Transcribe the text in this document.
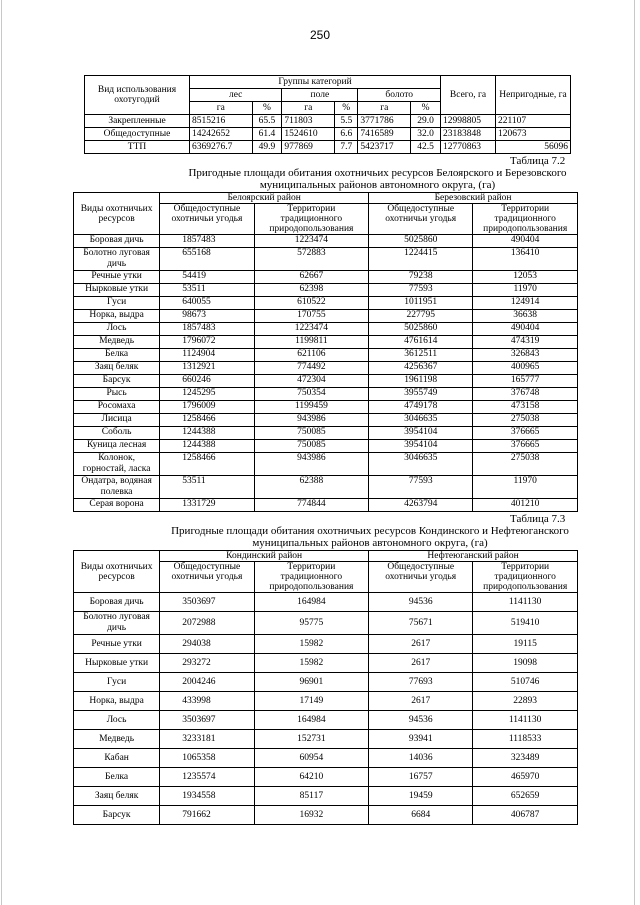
250
Вид использования охотугодий	Группы категорий						Всего, га	Непригодные, га
	лес		поле		болото			
	га	%	га	%	га	%		
Закрепленные	8515216	65.5	711803	5.5	3771786	29.0	12998805	221107
Общедоступные	14242652	61.4	1524610	6.6	7416589	32.0	23183848	120673
ТТП	6369276.7	49.9	977869	7.7	5423717	42.5	12770863	56096
Таблица 7.2
Пригодные площади обитания охотничьих ресурсов Белоярского и Березовского муниципальных районов автономного округа, (га)
Виды охотничьих ресурсов	Белоярский район		Березовский район	
	Общедоступные охотничьи угодья	Территории традиционного природопользования	Общедоступные охотничьи угодья	Территории традиционного природопользования
Боровая дичь	1857483	1223474	5025860	490404
Болотно луговая дичь	655168	572883	1224415	136410
Речные утки	54419	62667	79238	12053
Нырковые утки	53511	62398	77593	11970
Гуси	640055	610522	1011951	124914
Норка, выдра	98673	170755	227795	36638
Лось	1857483	1223474	5025860	490404
Медведь	1796072	1199811	4761614	474319
Белка	1124904	621106	3612511	326843
Заяц беляк	1312921	774492	4256367	400965
Барсук	660246	472304	1961198	165777
Рысь	1245295	750354	3955749	376748
Росомаха	1796009	1199459	4749178	473158
Лисица	1258466	943986	3046635	275038
Соболь	1244388	750085	3954104	376665
Куница лесная	1244388	750085	3954104	376665
Колонок, горностай, ласка	1258466	943986	3046635	275038
Ондатра, водяная полевка	53511	62388	77593	11970
Серая ворона	1331729	774844	4263794	401210
Таблица 7.3
Пригодные площади обитания охотничьих ресурсов Кондинского и Нефтеюганского муниципальных районов автономного округа, (га)
Виды охотничьих ресурсов	Кондинский район		Нефтеюганский район	
	Общедоступные охотничьи угодья	Территории традиционного природопользования	Общедоступные охотничьи угодья	Территории традиционного природопользования
Боровая дичь	3503697	164984	94536	1141130
Болотно луговая дичь	2072988	95775	75671	519410
Речные утки	294038	15982	2617	19115
Нырковые утки	293272	15982	2617	19098
Гуси	2004246	96901	77693	510746
Норка, выдра	433998	17149	2617	22893
Лось	3503697	164984	94536	1141130
Медведь	3233181	152731	93941	1118533
Кабан	1065358	60954	14036	323489
Белка	1235574	64210	16757	465970
Заяц беляк	1934558	85117	19459	652659
Барсук	791662	16932	6684	406787
